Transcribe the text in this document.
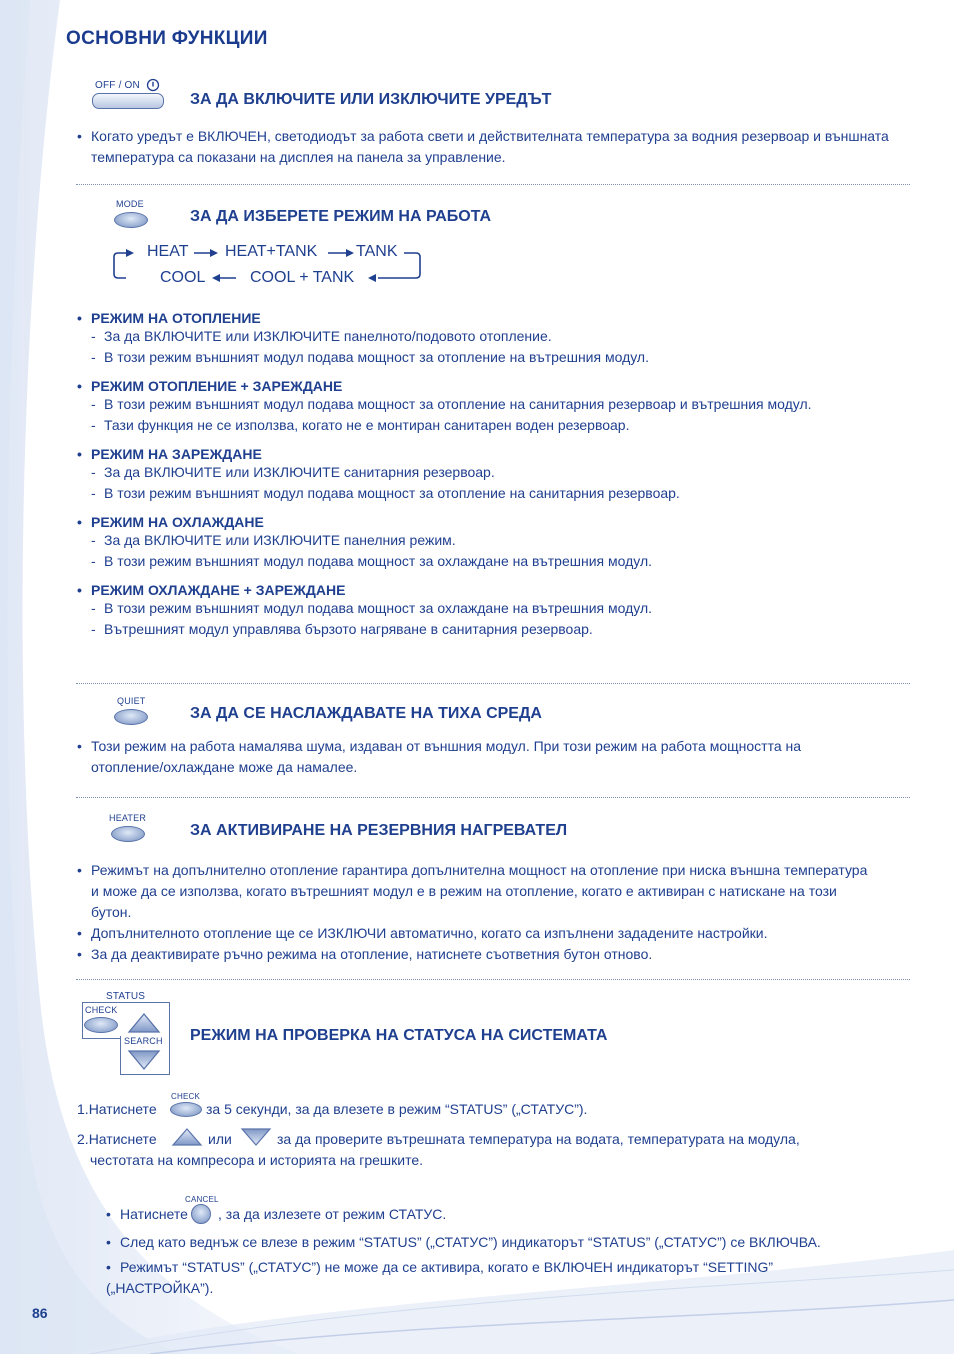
ОСНОВНИ ФУНКЦИИ
OFF / ON
ЗА ДА ВКЛЮЧИТЕ ИЛИ ИЗКЛЮЧИТЕ УРЕДЪТ
• Когато уредът е ВКЛЮЧЕН, светодиодът за работа свети и действителната температура за водния резервоар и външната температура са показани на дисплея на панела за управление.
MODE
ЗА ДА ИЗБЕРЕТЕ РЕЖИМ НА РАБОТА
HEAT HEAT+TANK TANK
COOL	COOL + TANK
• РЕЖИМ НА ОТОПЛЕНИЕ
- За да ВКЛЮЧИТЕ или ИЗКЛЮЧИТЕ панелното/подовото отопление.
- В този режим външният модул подава мощност за отопление на вътрешния модул.
• РЕЖИМ ОТОПЛЕНИЕ + ЗАРЕЖДАНЕ
- В този режим външният модул подава мощност за отопление на санитарния резервоар и вътрешния модул.
- Тази функция не се използва, когато не е монтиран санитарен воден резервоар.
• РЕЖИМ НА ЗАРЕЖДАНЕ
- За да ВКЛЮЧИТЕ или ИЗКЛЮЧИТЕ санитарния резервоар.
- В този режим външният модул подава мощност за отопление на санитарния резервоар.
• РЕЖИМ НА ОХЛАЖДАНЕ
- За да ВКЛЮЧИТЕ или ИЗКЛЮЧИТЕ панелния режим.
- В този режим външният модул подава мощност за охлаждане на вътрешния модул.
• РЕЖИМ ОХЛАЖДАНЕ + ЗАРЕЖДАНЕ
- В този режим външният модул подава мощност за охлаждане на вътрешния модул.
- Вътрешният модул управлява бързото нагряване в санитарния резервоар.
QUIET
ЗА ДА СЕ НАСЛАЖДАВАТЕ НА ТИХА СРЕДА
• Този режим на работа намалява шума, издаван от външния модул. При този режим на работа мощността на отопление/охлаждане може да намалее.
HEATER
ЗА АКТИВИРАНЕ НА РЕЗЕРВНИЯ НАГРЕВАТЕЛ
• Режимът на допълнително отопление гарантира допълнителна мощност на отопление при ниска външна температура и може да се използва, когато вътрешният модул е в режим на отопление, когато е активиран с натискане на този бутон.
• Допълнителното отопление ще се ИЗКЛЮЧИ автоматично, когато са изпълнени зададените настройки.
• За да деактивирате ръчно режима на отопление, натиснете съответния бутон отново.
STATUS
CHECK
SEARCH РЕЖИМ НА ПРОВЕРКА НА СТАТУСА НА СИСТЕМАТА
1.Натиснете
CHECK
за 5 секунди, за да влезете в режим “STATUS” („СТАТУС”).
2.Натиснете	или	за да проверите вътрешната температура на водата, температурата на модула,
честотата на компресора и историята на грешките.
• Натиснете
CANCEL
, за да излезете от режим СТАТУС.
• След като веднъж се влезе в режим “STATUS” („СТАТУС”) индикаторът “STATUS” („СТАТУС”) се ВКЛЮЧВА.
• Режимът “STATUS” („СТАТУС”) не може да се активира, когато е ВКЛЮЧЕН индикаторът “SETTING”
(„НАСТРОЙКА”).
86
